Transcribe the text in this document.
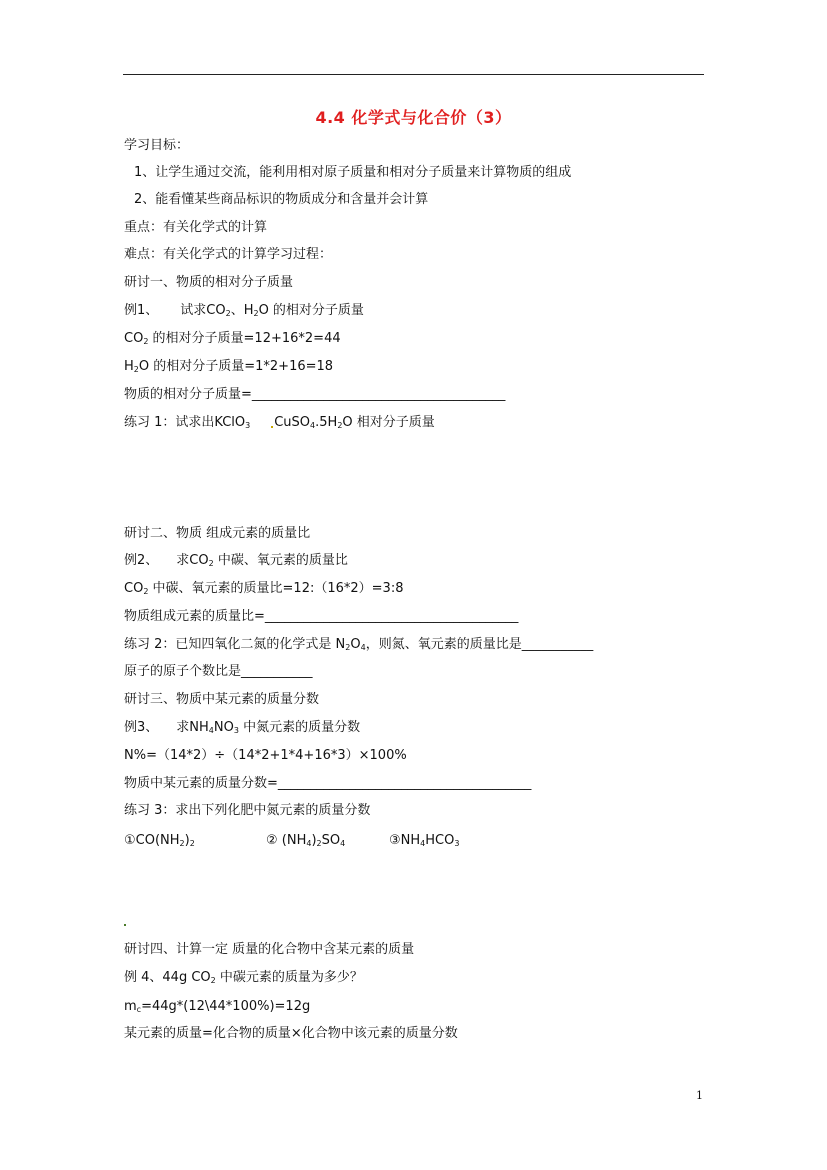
4.4 化学式与化合价（3）
学习目标：
1、让学生通过交流，能利用相对原子质量和相对分子质量来计算物质的组成
2、能看懂某些商品标识的物质成分和含量并会计算
重点：有关化学式的计算
难点：有关化学式的计算学习过程：
研讨一、物质的相对分子质量
例1、 试求$CO_2$、$H_2O$ 的相对分子质量
$CO_2$ 的相对分子质量=12+16*2=44
$H_2O$ 的相对分子质量=1*2+16=18
物质的相对分子质量=_______________________________________
练习 1：试求出KClO$_3$ $CuSO_4.5H_2O$ 相对分子质量
研讨二、物质 组成元素的质量比
例2、 求$CO_2$ 中碳、氧元素的质量比
$CO_2$ 中碳、氧元素的质量比=12:（16*2）=3:8
物质组成元素的质量比=_______________________________________
练习 2：已知四氧化二氮的化学式是 $N_2O_4$，则氮、氧元素的质量比是___________
原子的原子个数比是___________
研讨三、物质中某元素的质量分数
例3、 求$NH_4NO_3$ 中氮元素的质量分数
N%=（14*2）÷（14*2+1*4+16*3）×100%
物质中某元素的质量分数=_______________________________________
练习 3：求出下列化肥中氮元素的质量分数
$①CO(NH_2)_2$	② $(NH_4)_2SO_4$	$③NH_4HCO_3$
研讨四、计算一定 质量的化合物中含某元素的质量
例 4、44g $CO_2$ 中碳元素的质量为多少？
$m_c=44g*(12\backslash 44*100\%)=12g$
某元素的质量=化合物的质量×化合物中该元素的质量分数
1
